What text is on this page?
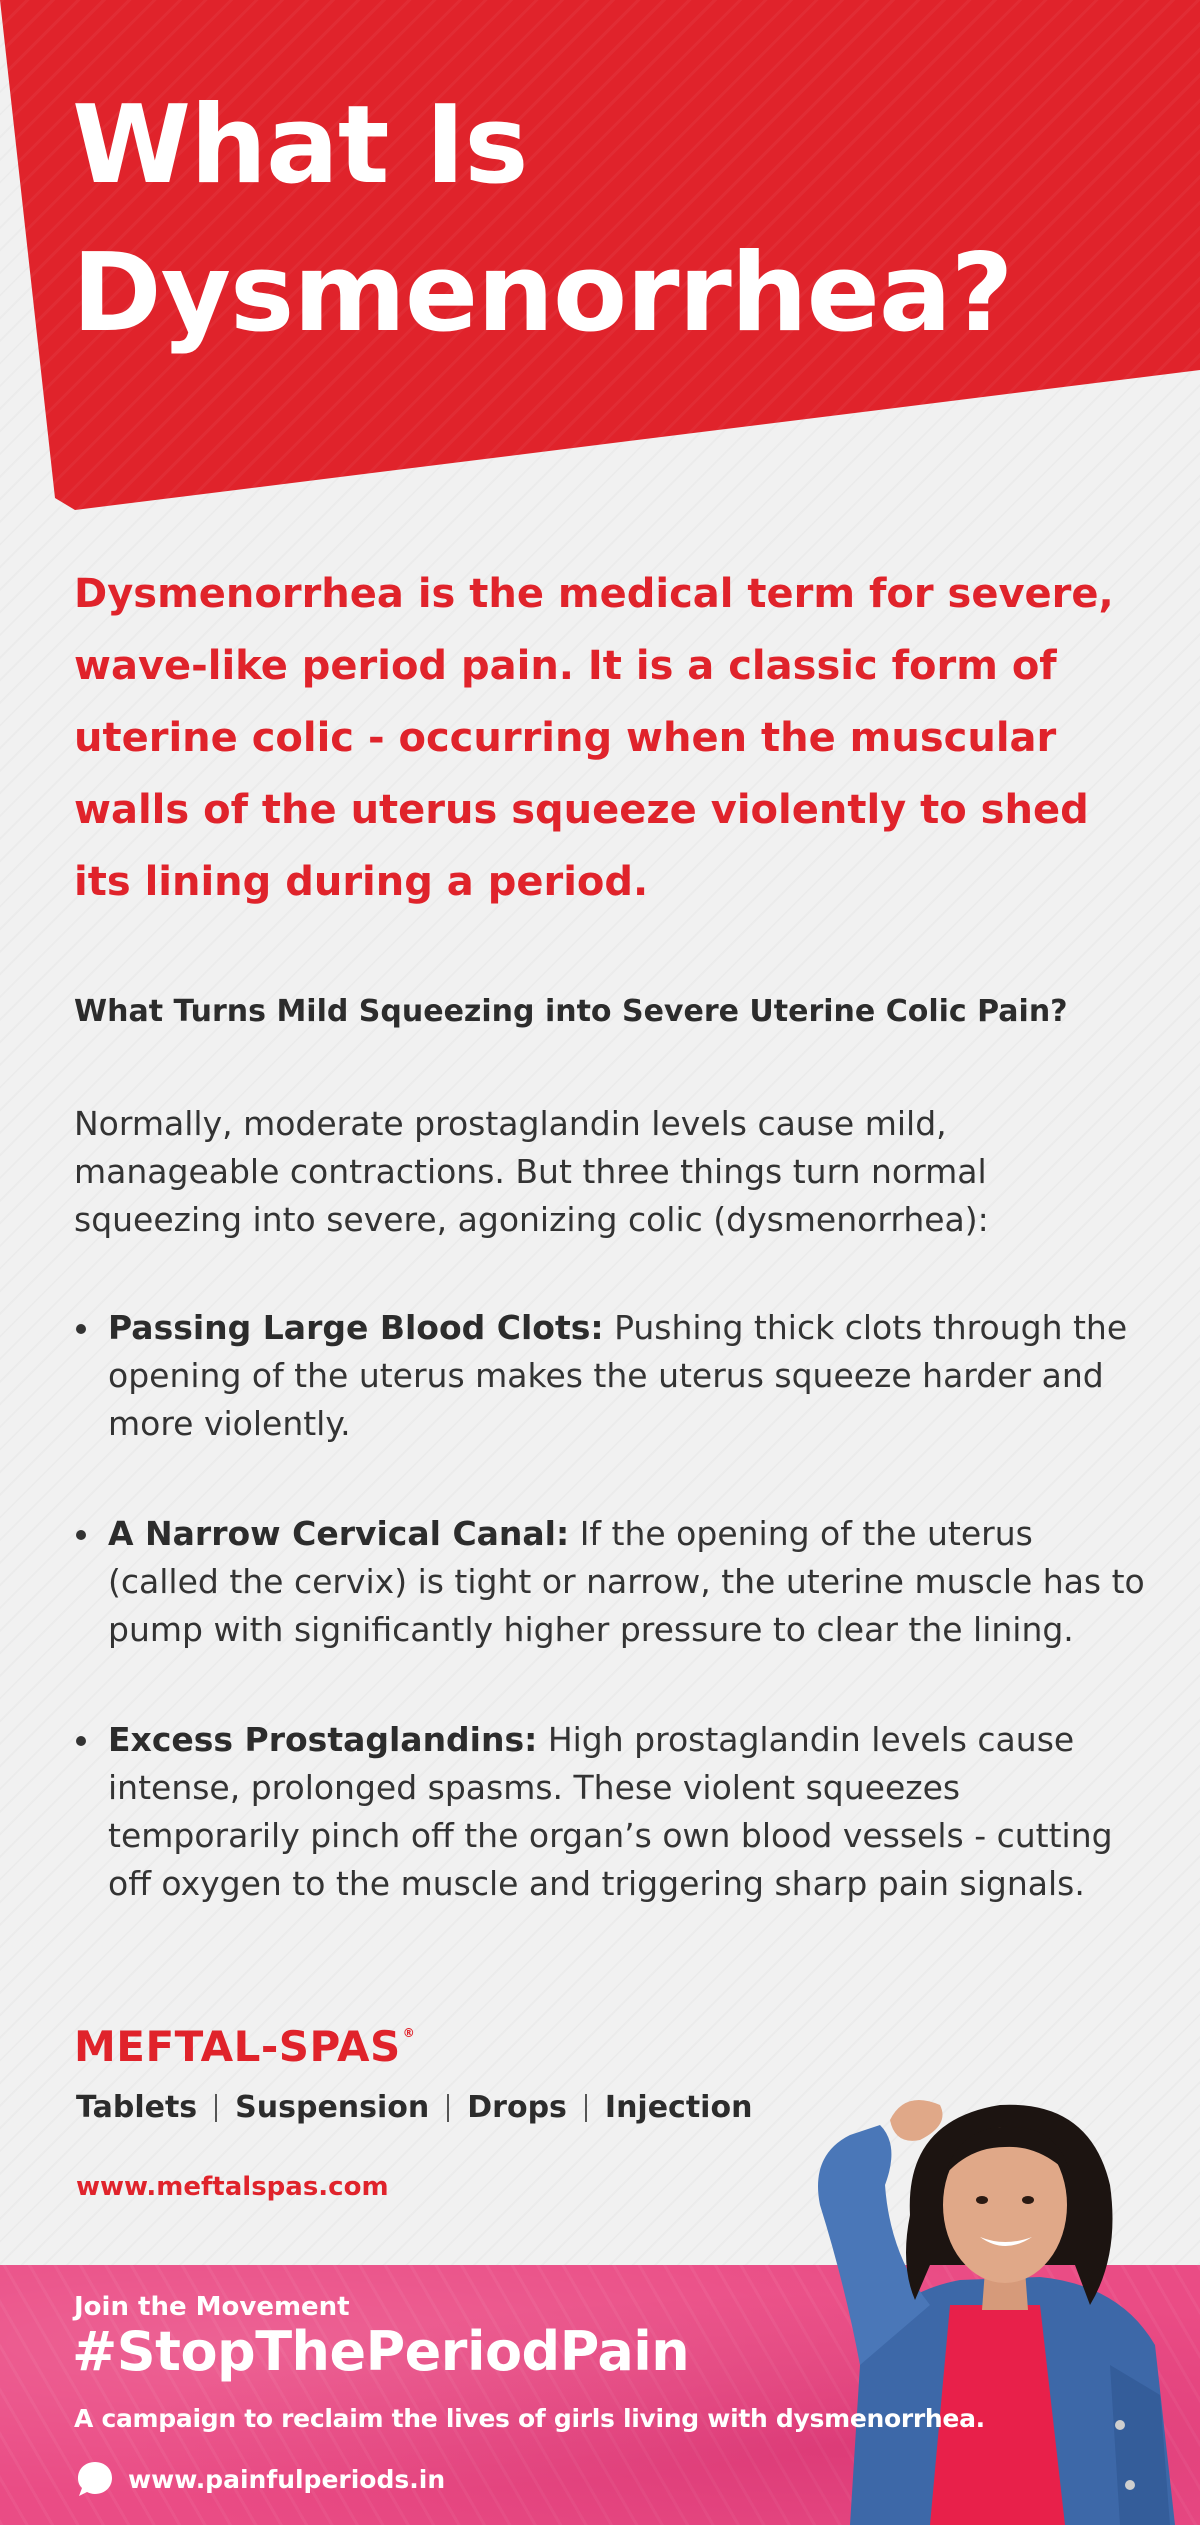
What Is
Dysmenorrhea?

Dysmenorrhea is the medical term for severe, wave-like period pain. It is a classic form of uterine colic - occurring when the muscular walls of the uterus squeeze violently to shed its lining during a period.

What Turns Mild Squeezing into Severe Uterine Colic Pain?

Normally, moderate prostaglandin levels cause mild, manageable contractions. But three things turn normal squeezing into severe, agonizing colic (dysmenorrhea):

Passing Large Blood Clots: Pushing thick clots through the opening of the uterus makes the uterus squeeze harder and more violently.
A Narrow Cervical Canal: If the opening of the uterus (called the cervix) is tight or narrow, the uterine muscle has to pump with significantly higher pressure to clear the lining.
Excess Prostaglandins: High prostaglandin levels cause intense, prolonged spasms. These violent squeezes temporarily pinch off the organ’s own blood vessels - cutting off oxygen to the muscle and triggering sharp pain signals.
MEFTAL-SPAS ®
Tablets Suspension Drops Injection
www.meftalspas.com
Join the Movement
#StopThePeriodPain
A campaign to reclaim the lives of girls living with dysmenorrhea.
www.painfulperiods.in
